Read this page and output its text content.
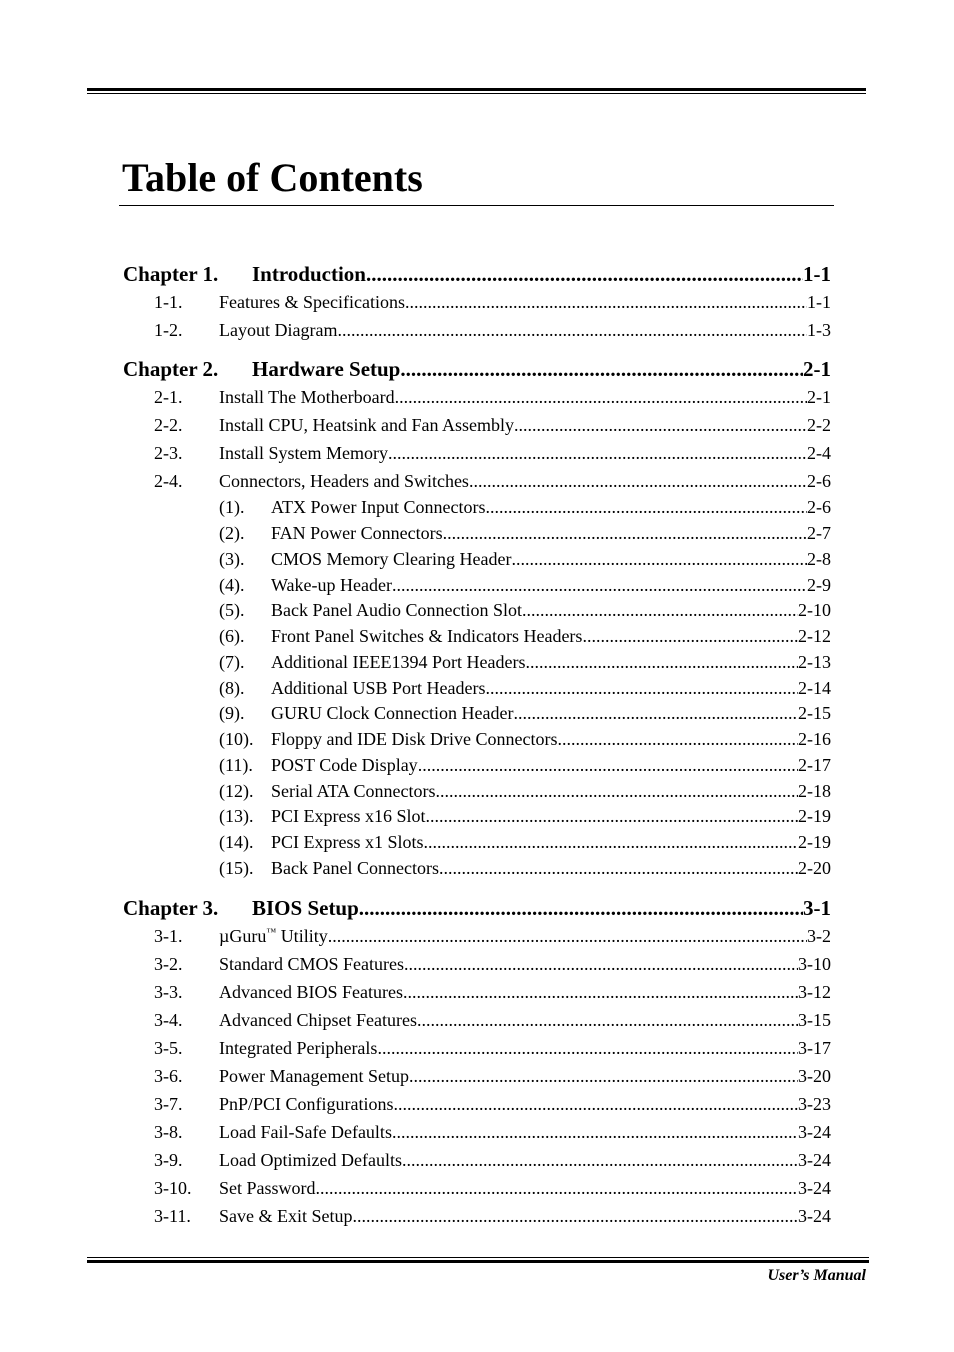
Table of Contents
Chapter 1.	Introduction .....	1-1
1-1.	Features & Specifications .....	1-1
1-2.	Layout Diagram .....	1-3
Chapter 2.	Hardware Setup .....	2-1
2-1.	Install The Motherboard .....	2-1
2-2.	Install CPU, Heatsink and Fan Assembly .....	2-2
2-3.	Install System Memory .....	2-4
2-4.	Connectors, Headers and Switches .....	2-6
(1).	ATX Power Input Connectors .....	2-6
(2).	FAN Power Connectors .....	2-7
(3).	CMOS Memory Clearing Header .....	2-8
(4).	Wake-up Header .....	2-9
(5).	Back Panel Audio Connection Slot .....	2-10
(6).	Front Panel Switches & Indicators Headers .....	2-12
(7).	Additional IEEE1394 Port Headers .....	2-13
(8).	Additional USB Port Headers .....	2-14
(9).	GURU Clock Connection Header .....	2-15
(10). Floppy and IDE Disk Drive Connectors .....	2-16
(11).	POST Code Display .....	2-17
(12). Serial ATA Connectors .....	2-18
(13). PCI Express x16 Slot .....	2-19
(14). PCI Express x1 Slots .....	2-19
(15). Back Panel Connectors .....	2-20
Chapter 3.	BIOS Setup .....	3-1
3-1.	µGuru™ Utility .....	3-2
3-2.	Standard CMOS Features .....	3-10
3-3.	Advanced BIOS Features .....	3-12
3-4.	Advanced Chipset Features .....	3-15
3-5.	Integrated Peripherals .....	3-17
3-6.	Power Management Setup .....	3-20
3-7.	PnP/PCI Configurations .....	3-23
3-8.	Load Fail-Safe Defaults .....	3-24
3-9.	Load Optimized Defaults .....	3-24
3-10.	Set Password .....	3-24
3-11.	Save & Exit Setup .....	3-24
User’s Manual
